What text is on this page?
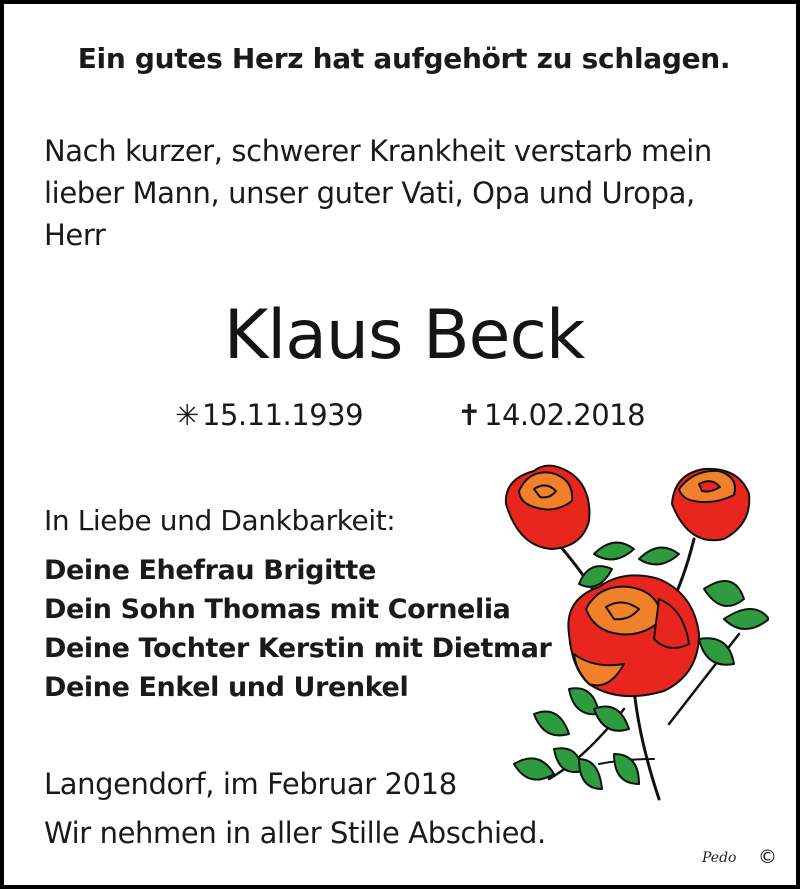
Ein gutes Herz hat aufgehört zu schlagen.
Nach kurzer, schwerer Krankheit verstarb mein
lieber Mann, unser guter Vati, Opa und Uropa,
Herr
Klaus Beck
✳ 15.11.1939	✝ 14.02.2018
In Liebe und Dankbarkeit:
Deine Ehefrau Brigitte
Dein Sohn Thomas mit Cornelia
Deine Tochter Kerstin mit Dietmar
Deine Enkel und Urenkel
Langendorf, im Februar 2018
Wir nehmen in aller Stille Abschied.
Pedo ©
